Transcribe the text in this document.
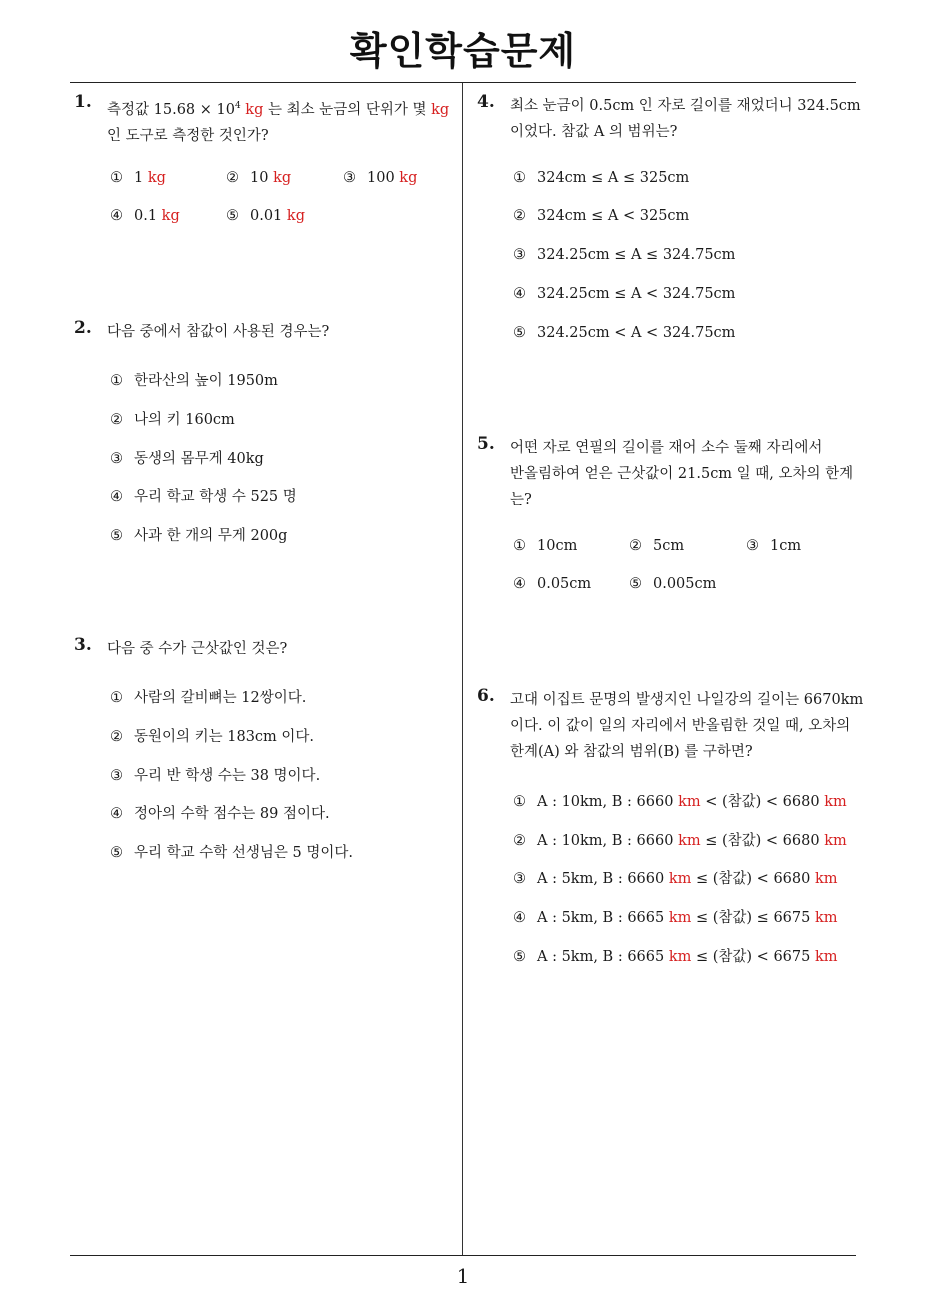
확인학습문제
1
1. 측정값 $15.68 \times 10^4$ kg 는 최소 눈금의 단위가 몇 kg
인 도구로 측정한 것인가?
① 1 kg	② 10 kg	③ 100 kg
④ 0.1 kg	⑤ 0.01 kg
2. 다음 중에서 참값이 사용된 경우는?
① 한라산의 높이 1950m
② 나의 키 160cm
③ 동생의 몸무게 40kg
④ 우리 학교 학생 수 525 명
⑤ 사과 한 개의 무게 200g
3. 다음 중 수가 근삿값인 것은?
① 사람의 갈비뼈는 12쌍이다.
② 동원이의 키는 183cm 이다.
③ 우리 반 학생 수는 38 명이다.
④ 정아의 수학 점수는 89 점이다.
⑤ 우리 학교 수학 선생님은 5 명이다.
4. 최소 눈금이 0.5cm 인 자로 길이를 재었더니 324.5cm
이었다. 참값 A 의 범위는?
① 324cm ≤ A ≤ 325cm
② 324cm ≤ A < 325cm
③ 324.25cm ≤ A ≤ 324.75cm
④ 324.25cm ≤ A < 324.75cm
⑤ 324.25cm < A < 324.75cm
5. 어떤 자로 연필의 길이를 재어 소수 둘째 자리에서
반올림하여 얻은 근삿값이 21.5cm 일 때, 오차의 한계
는?
① 10cm	② 5cm	③ 1cm
④ 0.05cm	⑤ 0.005cm
6. 고대 이집트 문명의 발생지인 나일강의 길이는 6670km
이다. 이 값이 일의 자리에서 반올림한 것일 때, 오차의
한계(A) 와 참값의 범위(B) 를 구하면?
① A : 10km, B : 6660 km < (참값) < 6680 km
② A : 10km, B : 6660 km ≤ (참값) < 6680 km
③ A : 5km, B : 6660 km ≤ (참값) < 6680 km
④ A : 5km, B : 6665 km ≤ (참값) ≤ 6675 km
⑤ A : 5km, B : 6665 km ≤ (참값) < 6675 km
